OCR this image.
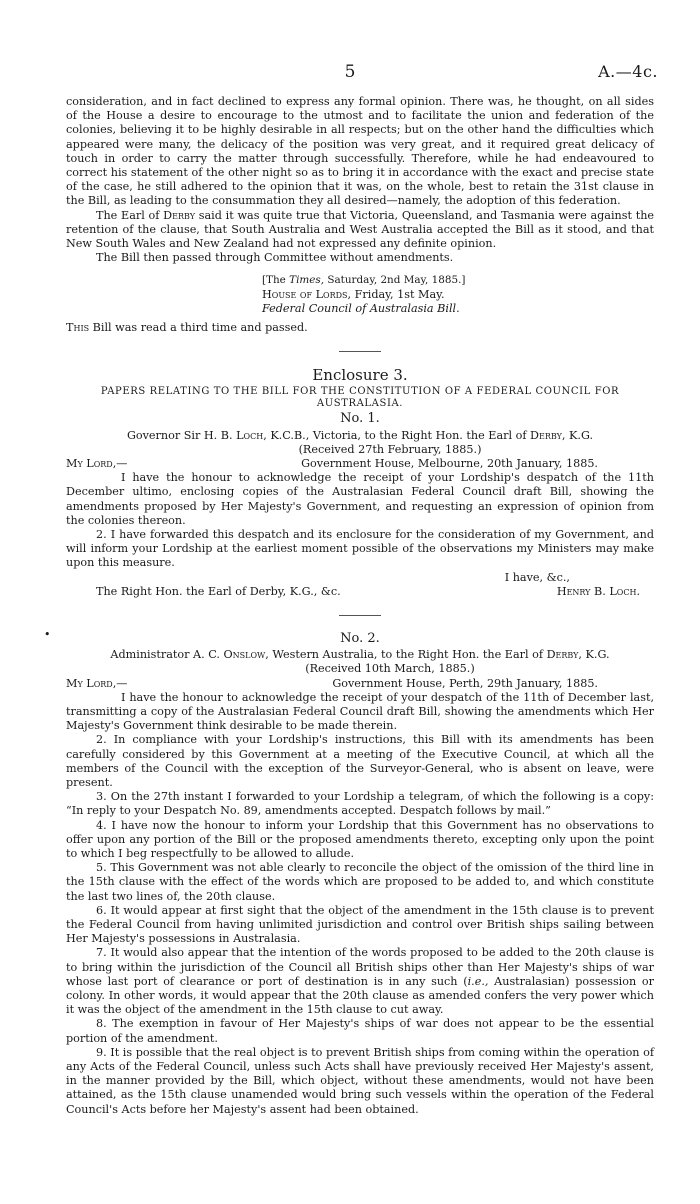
5	A.—4c.
•

consideration, and in fact declined to express any formal opinion. There was, he thought, on all sides of the House a desire to encourage to the utmost and to facilitate the union and federation of the colonies, believing it to be highly desirable in all respects; but on the other hand the difficulties which appeared were many, the delicacy of the position was very great, and it required great delicacy of touch in order to carry the matter through successfully. Therefore, while he had endeavoured to correct his statement of the other night so as to bring it in accordance with the exact and precise state of the case, he still adhered to the opinion that it was, on the whole, best to retain the 31st clause in the Bill, as leading to the consummation they all desired—namely, the adoption of this federation.

The Earl of Derby said it was quite true that Victoria, Queensland, and Tasmania were against the retention of the clause, that South Australia and West Australia accepted the Bill as it stood, and that New South Wales and New Zealand had not expressed any definite opinion.

The Bill then passed through Committee without amendments.

[The Times, Saturday, 2nd May, 1885.]
House of Lords, Friday, 1st May.
Federal Council of Australasia Bill.

This Bill was read a third time and passed.

Enclosure 3.
PAPERS RELATING TO THE BILL FOR THE CONSTITUTION OF A FEDERAL COUNCIL FOR AUSTRALASIA.
No. 1.
Governor Sir H. B. Loch, K.C.B., Victoria, to the Right Hon. the Earl of Derby, K.G.
(Received 27th February, 1885.)
My Lord,—	Government House, Melbourne, 20th January, 1885.

I have the honour to acknowledge the receipt of your Lordship's despatch of the 11th December ultimo, enclosing copies of the Australasian Federal Council draft Bill, showing the amendments proposed by Her Majesty's Government, and requesting an expression of opinion from the colonies thereon.

2. I have forwarded this despatch and its enclosure for the consideration of my Government, and will inform your Lordship at the earliest moment possible of the observations my Ministers may make upon this measure.

I have, &c.,
The Right Hon. the Earl of Derby, K.G., &c.	Henry B. Loch.
No. 2.
Administrator A. C. Onslow, Western Australia, to the Right Hon. the Earl of Derby, K.G.
(Received 10th March, 1885.)
My Lord,—	Government House, Perth, 29th January, 1885.

I have the honour to acknowledge the receipt of your despatch of the 11th of December last, transmitting a copy of the Australasian Federal Council draft Bill, showing the amendments which Her Majesty's Government think desirable to be made therein.

2. In compliance with your Lordship's instructions, this Bill with its amendments has been carefully considered by this Government at a meeting of the Executive Council, at which all the members of the Council with the exception of the Surveyor-General, who is absent on leave, were present.

3. On the 27th instant I forwarded to your Lordship a telegram, of which the following is a copy: “In reply to your Despatch No. 89, amendments accepted. Despatch follows by mail.”

4. I have now the honour to inform your Lordship that this Government has no observations to offer upon any portion of the Bill or the proposed amendments thereto, excepting only upon the point to which I beg respectfully to be allowed to allude.

5. This Government was not able clearly to reconcile the object of the omission of the third line in the 15th clause with the effect of the words which are proposed to be added to, and which constitute the last two lines of, the 20th clause.

6. It would appear at first sight that the object of the amendment in the 15th clause is to prevent the Federal Council from having unlimited jurisdiction and control over British ships sailing between Her Majesty's possessions in Australasia.

7. It would also appear that the intention of the words proposed to be added to the 20th clause is to bring within the jurisdiction of the Council all British ships other than Her Majesty's ships of war whose last port of clearance or port of destination is in any such (i.e., Australasian) possession or colony. In other words, it would appear that the 20th clause as amended confers the very power which it was the object of the amendment in the 15th clause to cut away.

8. The exemption in favour of Her Majesty's ships of war does not appear to be the essential portion of the amendment.

9. It is possible that the real object is to prevent British ships from coming within the operation of any Acts of the Federal Council, unless such Acts shall have previously received Her Majesty's assent, in the manner provided by the Bill, which object, without these amendments, would not have been attained, as the 15th clause unamended would bring such vessels within the operation of the Federal Council's Acts before her Majesty's assent had been obtained.
